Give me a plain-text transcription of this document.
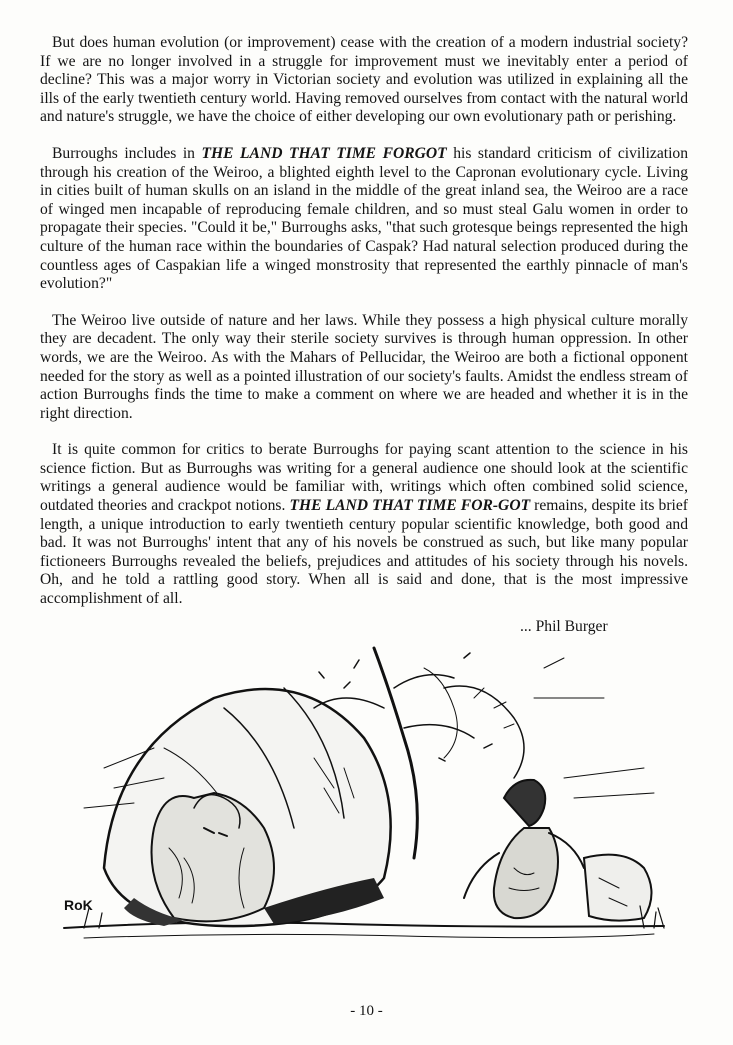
But does human evolution (or improvement) cease with the creation of a modern industrial society? If we are no longer involved in a struggle for improvement must we inevitably enter a period of decline? This was a major worry in Victorian society and evolution was utilized in explaining all the ills of the early twentieth century world. Having removed ourselves from contact with the natural world and nature's struggle, we have the choice of either developing our own evolutionary path or perishing.

Burroughs includes in THE LAND THAT TIME FORGOT his standard criticism of civilization through his creation of the Weiroo, a blighted eighth level to the Capronan evolutionary cycle. Living in cities built of human skulls on an island in the middle of the great inland sea, the Weiroo are a race of winged men incapable of reproducing female children, and so must steal Galu women in order to propagate their species. "Could it be," Burroughs asks, "that such grotesque beings represented the high culture of the human race within the boundaries of Caspak? Had natural selection produced during the countless ages of Caspakian life a winged monstrosity that represented the earthly pinnacle of man's evolution?"

The Weiroo live outside of nature and her laws. While they possess a high physical culture morally they are decadent. The only way their sterile society survives is through human oppression. In other words, we are the Weiroo. As with the Mahars of Pellucidar, the Weiroo are both a fictional opponent needed for the story as well as a pointed illustration of our society's faults. Amidst the endless stream of action Burroughs finds the time to make a comment on where we are headed and whether it is in the right direction.

It is quite common for critics to berate Burroughs for paying scant attention to the science in his science fiction. But as Burroughs was writing for a general audience one should look at the scientific writings a general audience would be familiar with, writings which often combined solid science, outdated theories and crackpot notions. THE LAND THAT TIME FOR-GOT remains, despite its brief length, a unique introduction to early twentieth century popular scientific knowledge, both good and bad. It was not Burroughs' intent that any of his novels be construed as such, but like many popular fictioneers Burroughs revealed the beliefs, prejudices and attitudes of his society through his novels. Oh, and he told a rattling good story. When all is said and done, that is the most impressive accomplishment of all.

... Phil Burger
RoK
- 10 -
